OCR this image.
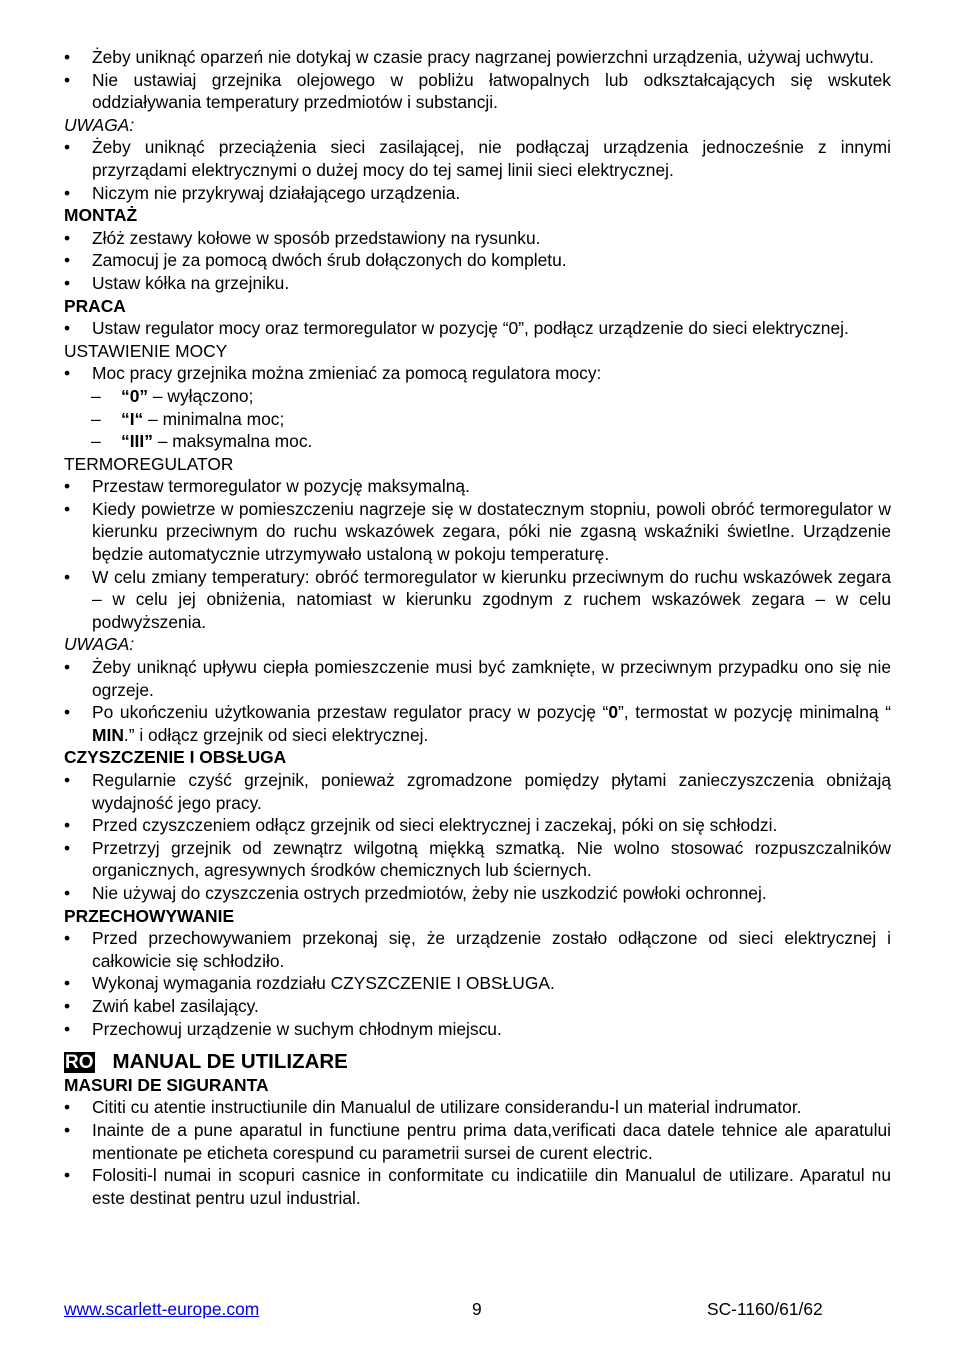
• Żeby uniknąć oparzeń nie dotykaj w czasie pracy nagrzanej powierzchni urządzenia, używaj uchwytu.
• Nie ustawiaj grzejnika olejowego w pobliżu łatwopalnych lub odkształcających się wskutek oddziaływania temperatury przedmiotów i substancji.

UWAGA:

• Żeby uniknąć przeciążenia sieci zasilającej, nie podłączaj urządzenia jednocześnie z innymi przyrządami elektrycznymi o dużej mocy do tej samej linii sieci elektrycznej.
• Niczym nie przykrywaj działającego urządzenia.

MONTAŻ

• Złóż zestawy kołowe w sposób przedstawiony na rysunku.
• Zamocuj je za pomocą dwóch śrub dołączonych do kompletu.
• Ustaw kółka na grzejniku.

PRACA

• Ustaw regulator mocy oraz termoregulator w pozycję “0”, podłącz urządzenie do sieci elektrycznej.

USTAWIENIE MOCY

• Moc pracy grzejnika można zmieniać za pomocą regulatora mocy:
– “0” – wyłączono;
– “I“ – minimalna moc;
– “III” – maksymalna moc.

TERMOREGULATOR

• Przestaw termoregulator w pozycję maksymalną.
• Kiedy powietrze w pomieszczeniu nagrzeje się w dostatecznym stopniu, powoli obróć termoregulator w kierunku przeciwnym do ruchu wskazówek zegara, póki nie zgasną wskaźniki świetlne. Urządzenie będzie automatycznie utrzymywało ustaloną w pokoju temperaturę.
• W celu zmiany temperatury: obróć termoregulator w kierunku przeciwnym do ruchu wskazówek zegara – w celu jej obniżenia, natomiast w kierunku zgodnym z ruchem wskazówek zegara – w celu podwyższenia.

UWAGA:

• Żeby uniknąć upływu ciepła pomieszczenie musi być zamknięte, w przeciwnym przypadku ono się nie ogrzeje.
• Po ukończeniu użytkowania przestaw regulator pracy w pozycję “0”, termostat w pozycję minimalną “ MIN.” i odłącz grzejnik od sieci elektrycznej.

CZYSZCZENIE I OBSŁUGA

• Regularnie czyść grzejnik, ponieważ zgromadzone pomiędzy płytami zanieczyszczenia obniżają wydajność jego pracy.
• Przed czyszczeniem odłącz grzejnik od sieci elektrycznej i zaczekaj, póki on się schłodzi.
• Przetrzyj grzejnik od zewnątrz wilgotną miękką szmatką. Nie wolno stosować rozpuszczalników organicznych, agresywnych środków chemicznych lub ściernych.
• Nie używaj do czyszczenia ostrych przedmiotów, żeby nie uszkodzić powłoki ochronnej.

PRZECHOWYWANIE

• Przed przechowywaniem przekonaj się, że urządzenie zostało odłączone od sieci elektrycznej i całkowicie się schłodziło.
• Wykonaj wymagania rozdziału CZYSZCZENIE I OBSŁUGA.
• Zwiń kabel zasilający.
• Przechowuj urządzenie w suchym chłodnym miejscu.
RO MANUAL DE UTILIZARE

MASURI DE SIGURANTA

• Cititi cu atentie instructiunile din Manualul de utilizare considerandu-l un material indrumator.
• Inainte de a pune aparatul in functiune pentru prima data,verificati daca datele tehnice ale aparatului mentionate pe eticheta corespund cu parametrii sursei de curent electric.
• Folositi-l numai in scopuri casnice in conformitate cu indicatiile din Manualul de utilizare. Aparatul nu este destinat pentru uzul industrial.
www.scarlett-europe.com	9	SC-1160/61/62
